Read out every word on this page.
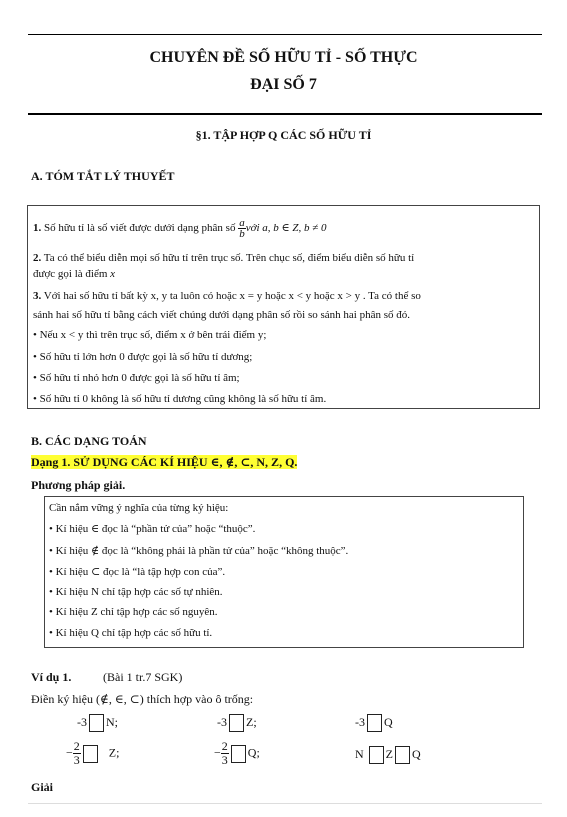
CHUYÊN ĐỀ SỐ HỮU TỈ - SỐ THỰC
ĐẠI SỐ 7
§1. TẬP HỢP Q CÁC SỐ HỮU TỈ
A. TÓM TẮT LÝ THUYẾT
1. Số hữu tỉ là số viết được dưới dạng phân số $\frac{a}{b}$ với a, b ∈ Z, b ≠ 0
2. Ta có thể biểu diễn mọi số hữu tỉ trên trục số. Trên chục số, điểm biểu diễn số hữu tỉ
được gọi là điểm x
3. Với hai số hữu tỉ bất kỳ x, y ta luôn có hoặc x = y hoặc x < y hoặc x > y . Ta có thể so
sánh hai số hữu tỉ bằng cách viết chúng dưới dạng phân số rồi so sánh hai phân số đó.
• Nếu x < y thì trên trục số, điểm x ở bên trái điểm y;
• Số hữu tỉ lớn hơn 0 được gọi là số hữu tỉ dương;
• Số hữu tỉ nhỏ hơn 0 được gọi là số hữu tỉ âm;
• Số hữu tỉ 0 không là số hữu tỉ dương cũng không là số hữu tỉ âm.
B. CÁC DẠNG TOÁN
Dạng 1. SỬ DỤNG CÁC KÍ HIỆU ∈, ∉, ⊂, N, Z, Q.
Phương pháp giải.
Cần nắm vững ý nghĩa của từng ký hiệu:
• Kí hiệu ∈ đọc là “phần tử của” hoặc “thuộc”.
• Kí hiệu ∉ đọc là “không phải là phần tử của” hoặc “không thuộc”.
• Kí hiệu ⊂ đọc là “là tập hợp con của”.
• Kí hiệu N chỉ tập hợp các số tự nhiên.
• Kí hiệu Z chỉ tập hợp các số nguyên.
• Kí hiệu Q chỉ tập hợp các số hữu tỉ.
Ví dụ 1.	(Bài 1 tr.7 SGK)
Điền ký hiệu (∉, ∈, ⊂) thích hợp vào ô trống:
-3 N;	-3 Z;	-3 Q
− $\frac{2}{3} Z$;	− $\frac{2}{3} Q$;	N Z Q
Giải
